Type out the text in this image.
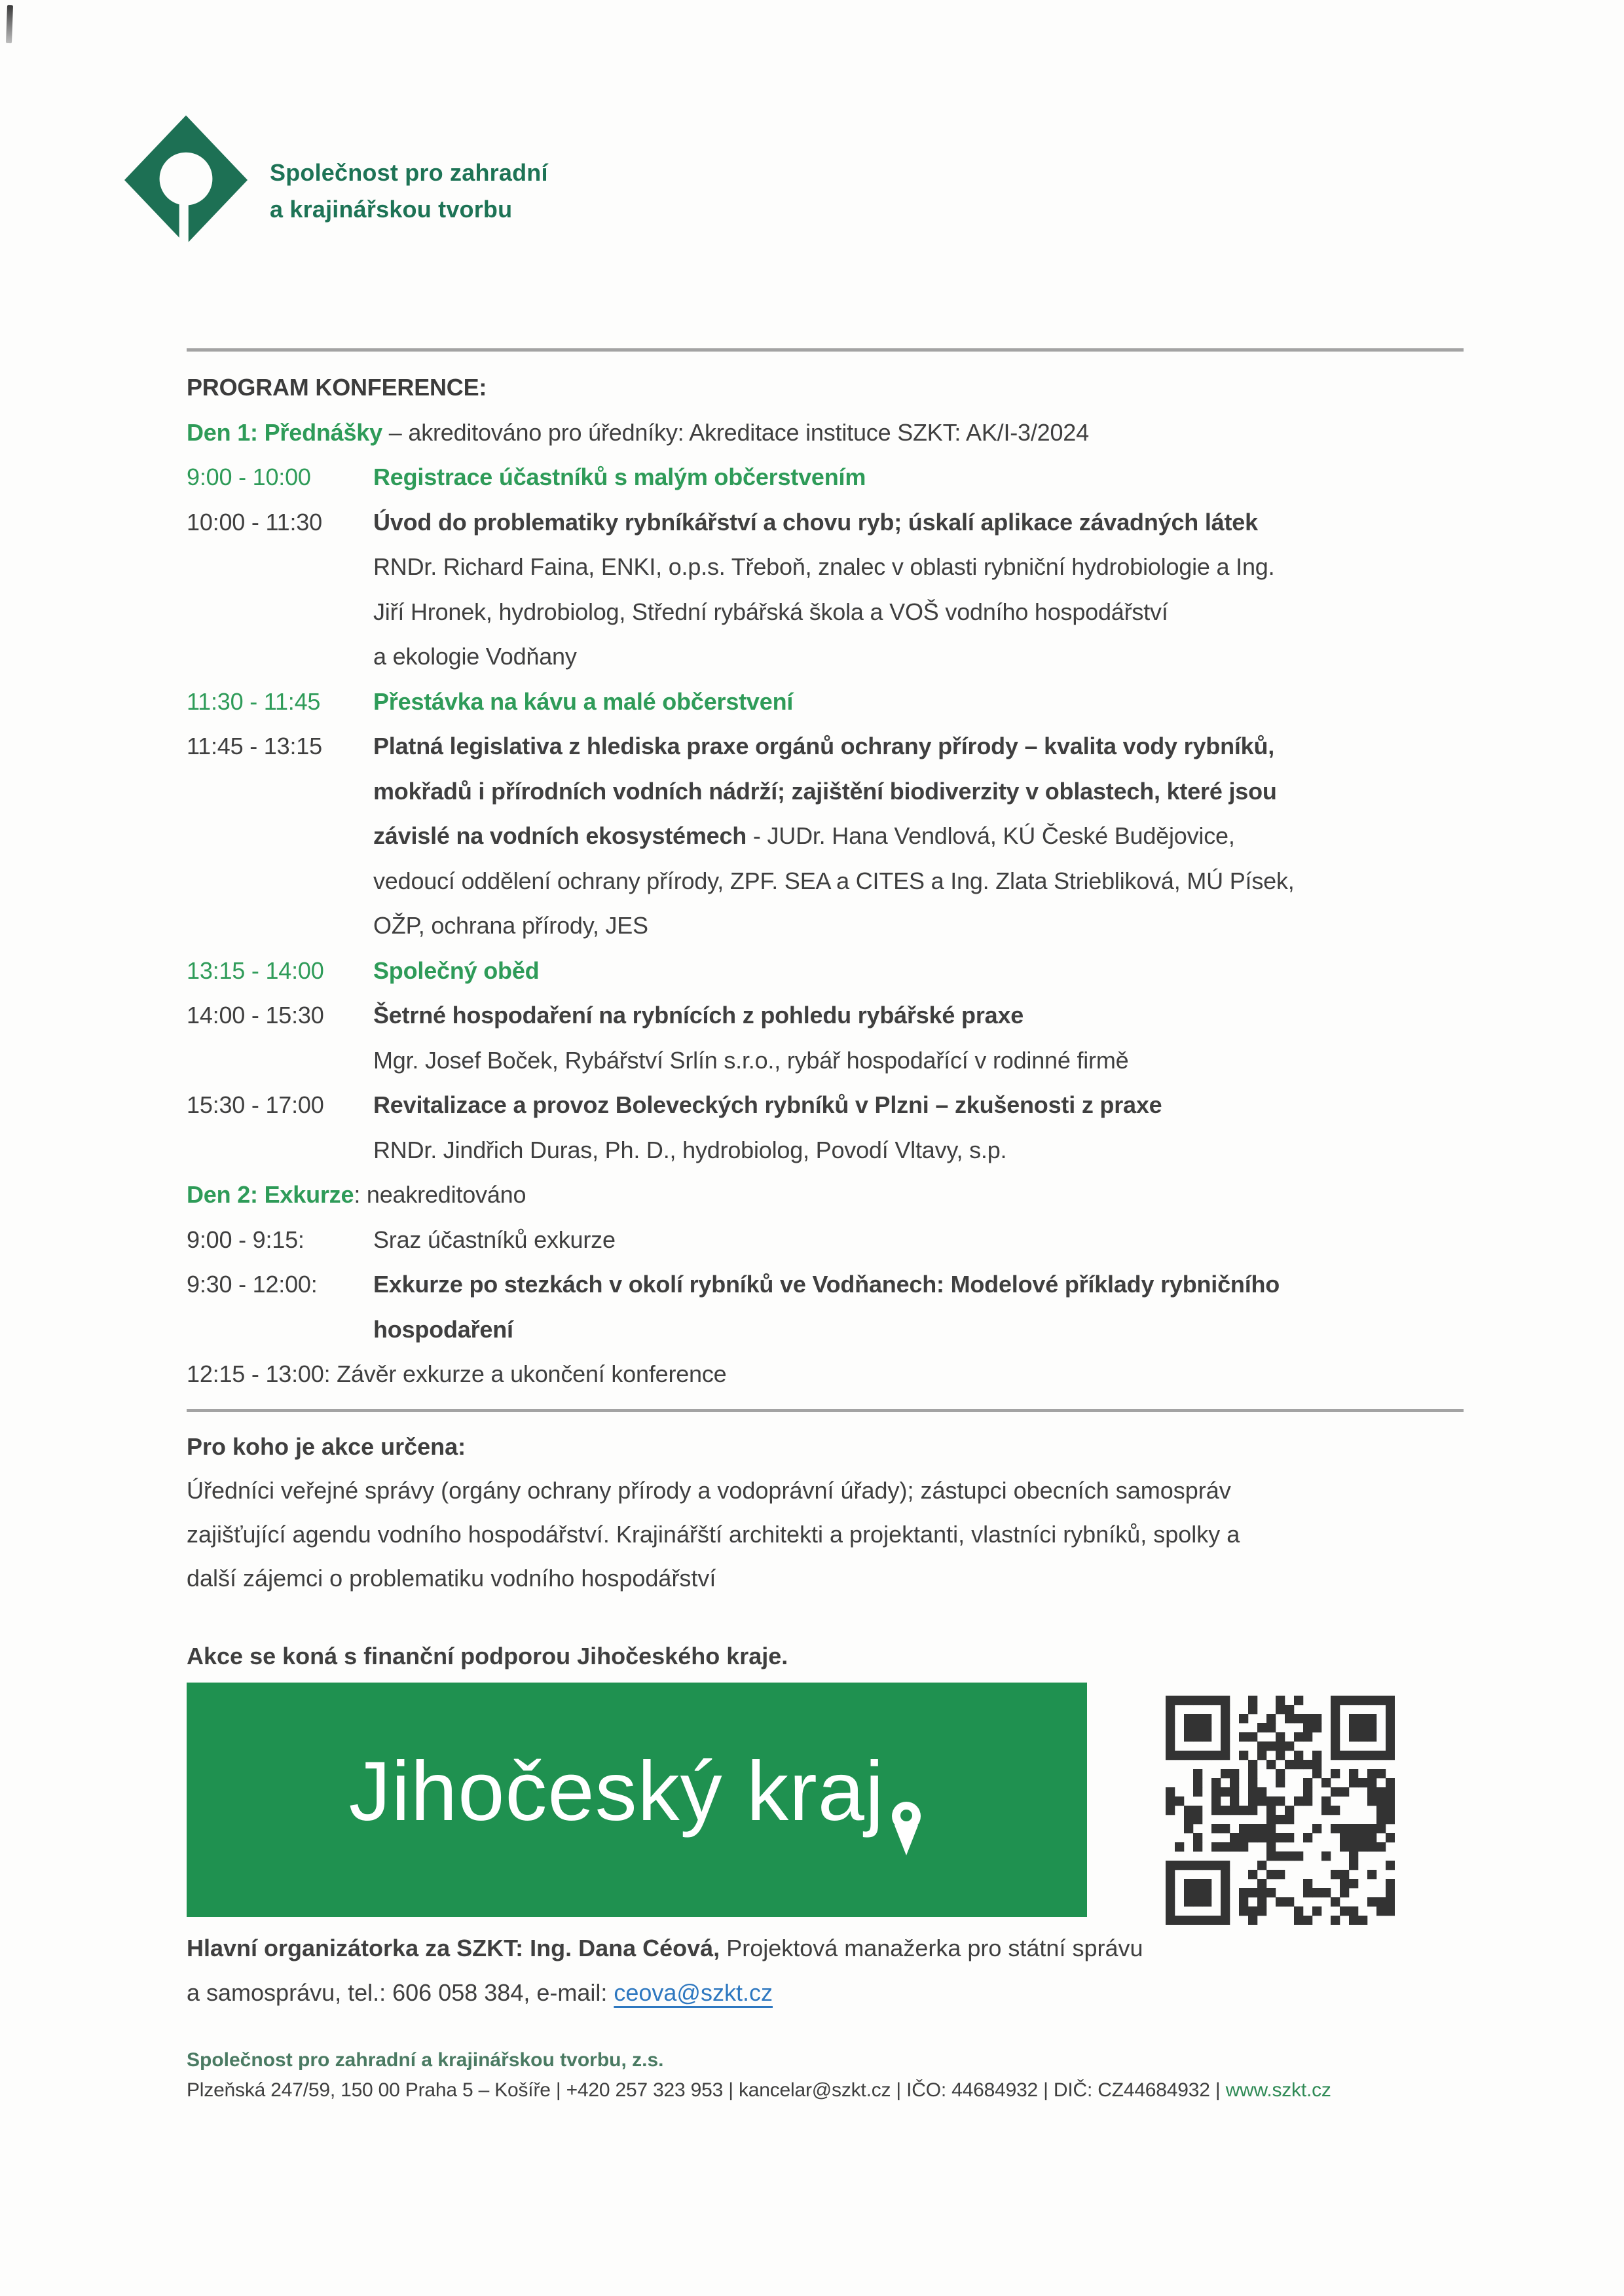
Společnost pro zahradní
a krajinářskou tvorbu
PROGRAM KONFERENCE:
Den 1: Přednášky – akreditováno pro úředníky: Akreditace instituce SZKT: AK/I-3/2024
9:00 - 10:00	Registrace účastníků s malým občerstvením
10:00 - 11:30	Úvod do problematiky rybníkářství a chovu ryb; úskalí aplikace závadných látek
RNDr. Richard Faina, ENKI, o.p.s. Třeboň, znalec v oblasti rybniční hydrobiologie a Ing.
Jiří Hronek, hydrobiolog, Střední rybářská škola a VOŠ vodního hospodářství
a ekologie Vodňany
11:30 - 11:45	Přestávka na kávu a malé občerstvení
11:45 - 13:15	Platná legislativa z hlediska praxe orgánů ochrany přírody – kvalita vody rybníků,
mokřadů i přírodních vodních nádrží; zajištění biodiverzity v oblastech, které jsou
závislé na vodních ekosystémech - JUDr. Hana Vendlová, KÚ České Budějovice,
vedoucí oddělení ochrany přírody, ZPF. SEA a CITES a Ing. Zlata Striebliková, MÚ Písek,
OŽP, ochrana přírody, JES
13:15 - 14:00	Společný oběd
14:00 - 15:30	Šetrné hospodaření na rybnících z pohledu rybářské praxe
Mgr. Josef Boček, Rybářství Srlín s.r.o., rybář hospodařící v rodinné firmě
15:30 - 17:00	Revitalizace a provoz Boleveckých rybníků v Plzni – zkušenosti z praxe
RNDr. Jindřich Duras, Ph. D., hydrobiolog, Povodí Vltavy, s.p.
Den 2: Exkurze: neakreditováno
9:00 - 9:15:	Sraz účastníků exkurze
9:30 - 12:00:	Exkurze po stezkách v okolí rybníků ve Vodňanech: Modelové příklady rybničního
hospodaření
12:15 - 13:00: Závěr exkurze a ukončení konference
Pro koho je akce určena:
Úředníci veřejné správy (orgány ochrany přírody a vodoprávní úřady); zástupci obecních samospráv
zajišťující agendu vodního hospodářství. Krajinářští architekti a projektanti, vlastníci rybníků, spolky a
další zájemci o problematiku vodního hospodářství
Akce se koná s finanční podporou Jihočeského kraje.
Jihočeský kraj
Hlavní organizátorka za SZKT: Ing. Dana Céová, Projektová manažerka pro státní správu
a samosprávu, tel.: 606 058 384, e-mail: ceova@szkt.cz
Společnost pro zahradní a krajinářskou tvorbu, z.s.
Plzeňská 247/59, 150 00 Praha 5 – Košíře | +420 257 323 953 | kancelar@szkt.cz | IČO: 44684932 | DIČ: CZ44684932 | www.szkt.cz
